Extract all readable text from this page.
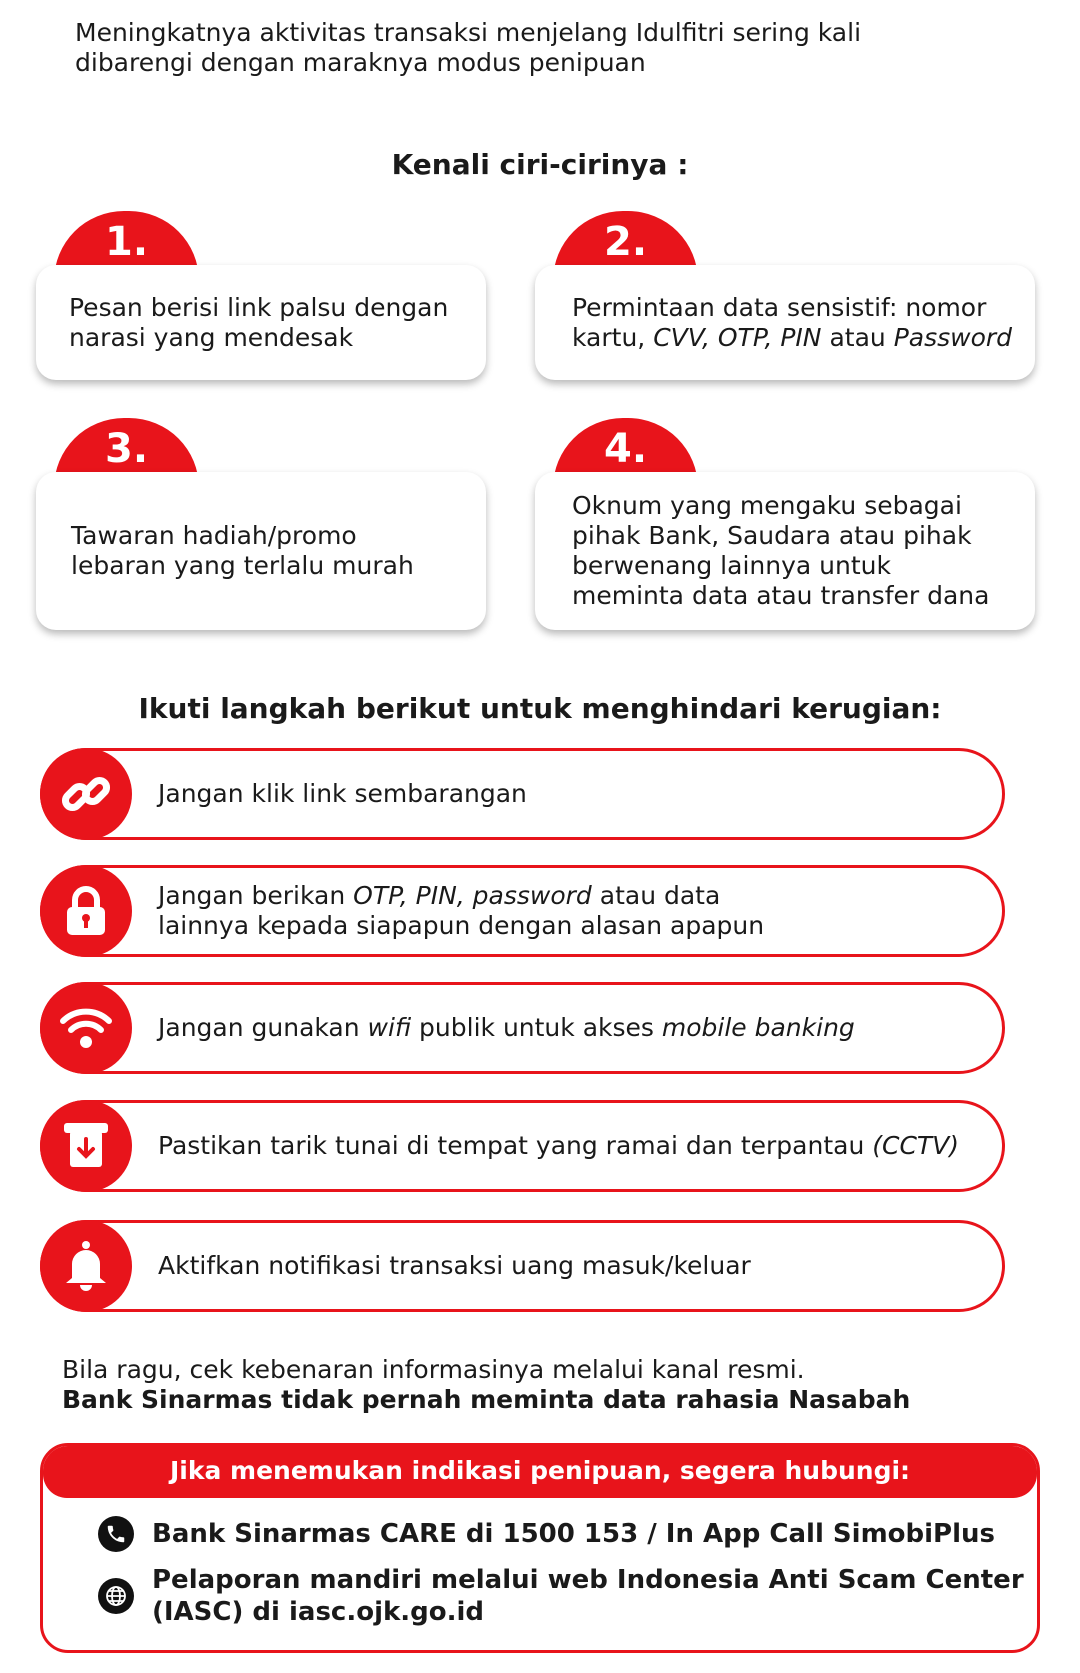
Meningkatnya aktivitas transaksi menjelang Idulfitri sering kali
dibarengi dengan maraknya modus penipuan
Kenali ciri-cirinya :
1.
Pesan berisi link palsu dengan
narasi yang mendesak
2.
Permintaan data sensistif: nomor
kartu, CVV, OTP, PIN atau Password
3.
Tawaran hadiah/promo
lebaran yang terlalu murah
4.
Oknum yang mengaku sebagai
pihak Bank, Saudara atau pihak
berwenang lainnya untuk
meminta data atau transfer dana
Ikuti langkah berikut untuk menghindari kerugian:
Jangan klik link sembarangan
Jangan berikan OTP, PIN, password atau data
lainnya kepada siapapun dengan alasan apapun
Jangan gunakan wifi publik untuk akses mobile banking
Pastikan tarik tunai di tempat yang ramai dan terpantau (CCTV)
Aktifkan notifikasi transaksi uang masuk/keluar
Bila ragu, cek kebenaran informasinya melalui kanal resmi.
Bank Sinarmas tidak pernah meminta data rahasia Nasabah
Jika menemukan indikasi penipuan, segera hubungi:
Bank Sinarmas CARE di 1500 153 / In App Call SimobiPlus
Pelaporan mandiri melalui web Indonesia Anti Scam Center
(IASC) di iasc.ojk.go.id
